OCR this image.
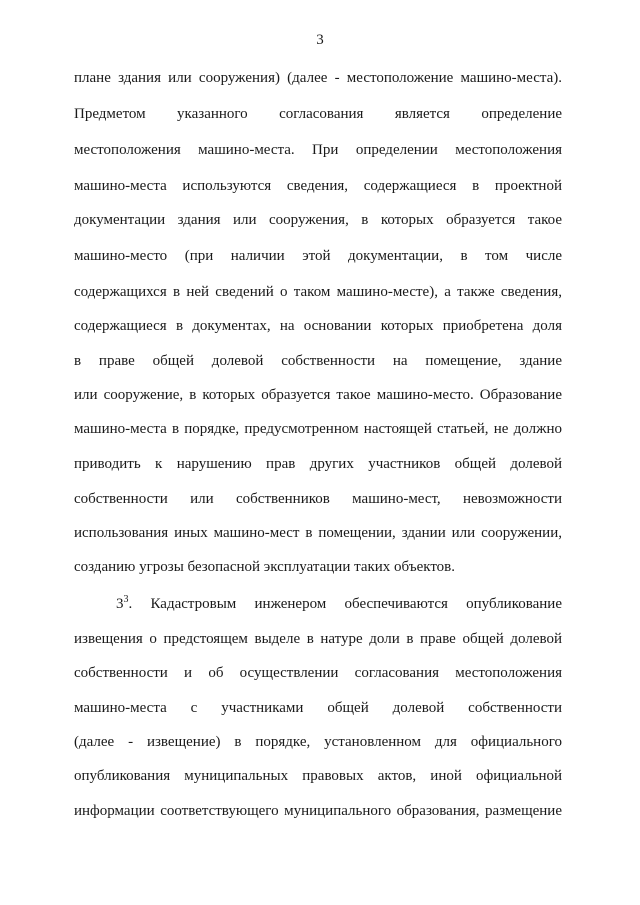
3
плане здания или сооружения) (далее - местоположение машино-места).
Предметом указанного согласования является определение
местоположения машино-места. При определении местоположения
машино-места используются сведения, содержащиеся в проектной
документации здания или сооружения, в которых образуется такое
машино-место (при наличии этой документации, в том числе
содержащихся в ней сведений о таком машино-месте), а также сведения,
содержащиеся в документах, на основании которых приобретена доля
в праве общей долевой собственности на помещение, здание
или сооружение, в которых образуется такое машино-место. Образование
машино-места в порядке, предусмотренном настоящей статьей, не должно
приводить к нарушению прав других участников общей долевой
собственности или собственников машино-мест, невозможности
использования иных машино-мест в помещении, здании или сооружении,
созданию угрозы безопасной эксплуатации таких объектов.
$3^3$. Кадастровым инженером обеспечиваются опубликование
извещения о предстоящем выделе в натуре доли в праве общей долевой
собственности и об осуществлении согласования местоположения
машино-места с участниками общей долевой собственности
(далее - извещение) в порядке, установленном для официального
опубликования муниципальных правовых актов, иной официальной
информации соответствующего муниципального образования, размещение
